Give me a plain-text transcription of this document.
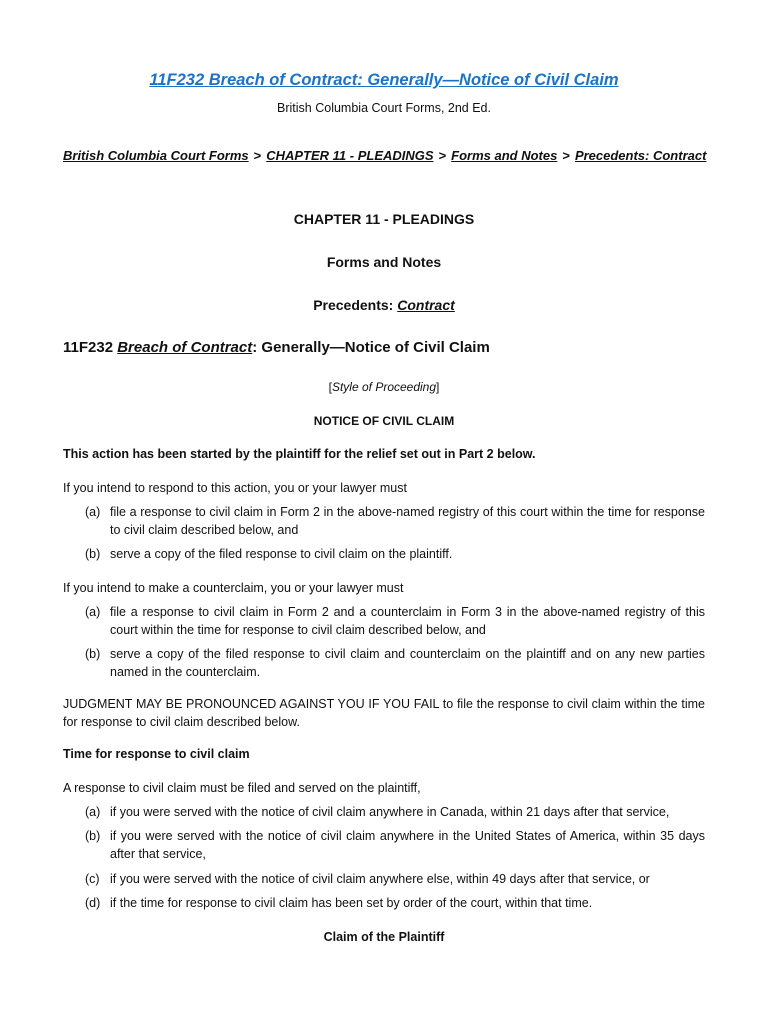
11F232 Breach of Contract: Generally—Notice of Civil Claim
British Columbia Court Forms, 2nd Ed.
British Columbia Court Forms > CHAPTER 11 - PLEADINGS > Forms and Notes > Precedents: Contract
CHAPTER 11 - PLEADINGS
Forms and Notes
Precedents: Contract
11F232 Breach of Contract: Generally—Notice of Civil Claim
[Style of Proceeding]
NOTICE OF CIVIL CLAIM
This action has been started by the plaintiff for the relief set out in Part 2 below.
If you intend to respond to this action, you or your lawyer must
(a) file a response to civil claim in Form 2 in the above-named registry of this court within the time for response to civil claim described below, and
(b) serve a copy of the filed response to civil claim on the plaintiff.
If you intend to make a counterclaim, you or your lawyer must
(a) file a response to civil claim in Form 2 and a counterclaim in Form 3 in the above-named registry of this court within the time for response to civil claim described below, and
(b) serve a copy of the filed response to civil claim and counterclaim on the plaintiff and on any new parties named in the counterclaim.
JUDGMENT MAY BE PRONOUNCED AGAINST YOU IF YOU FAIL to file the response to civil claim within the time for response to civil claim described below.
Time for response to civil claim
A response to civil claim must be filed and served on the plaintiff,
(a) if you were served with the notice of civil claim anywhere in Canada, within 21 days after that service,
(b) if you were served with the notice of civil claim anywhere in the United States of America, within 35 days after that service,
(c) if you were served with the notice of civil claim anywhere else, within 49 days after that service, or
(d) if the time for response to civil claim has been set by order of the court, within that time.
Claim of the Plaintiff
